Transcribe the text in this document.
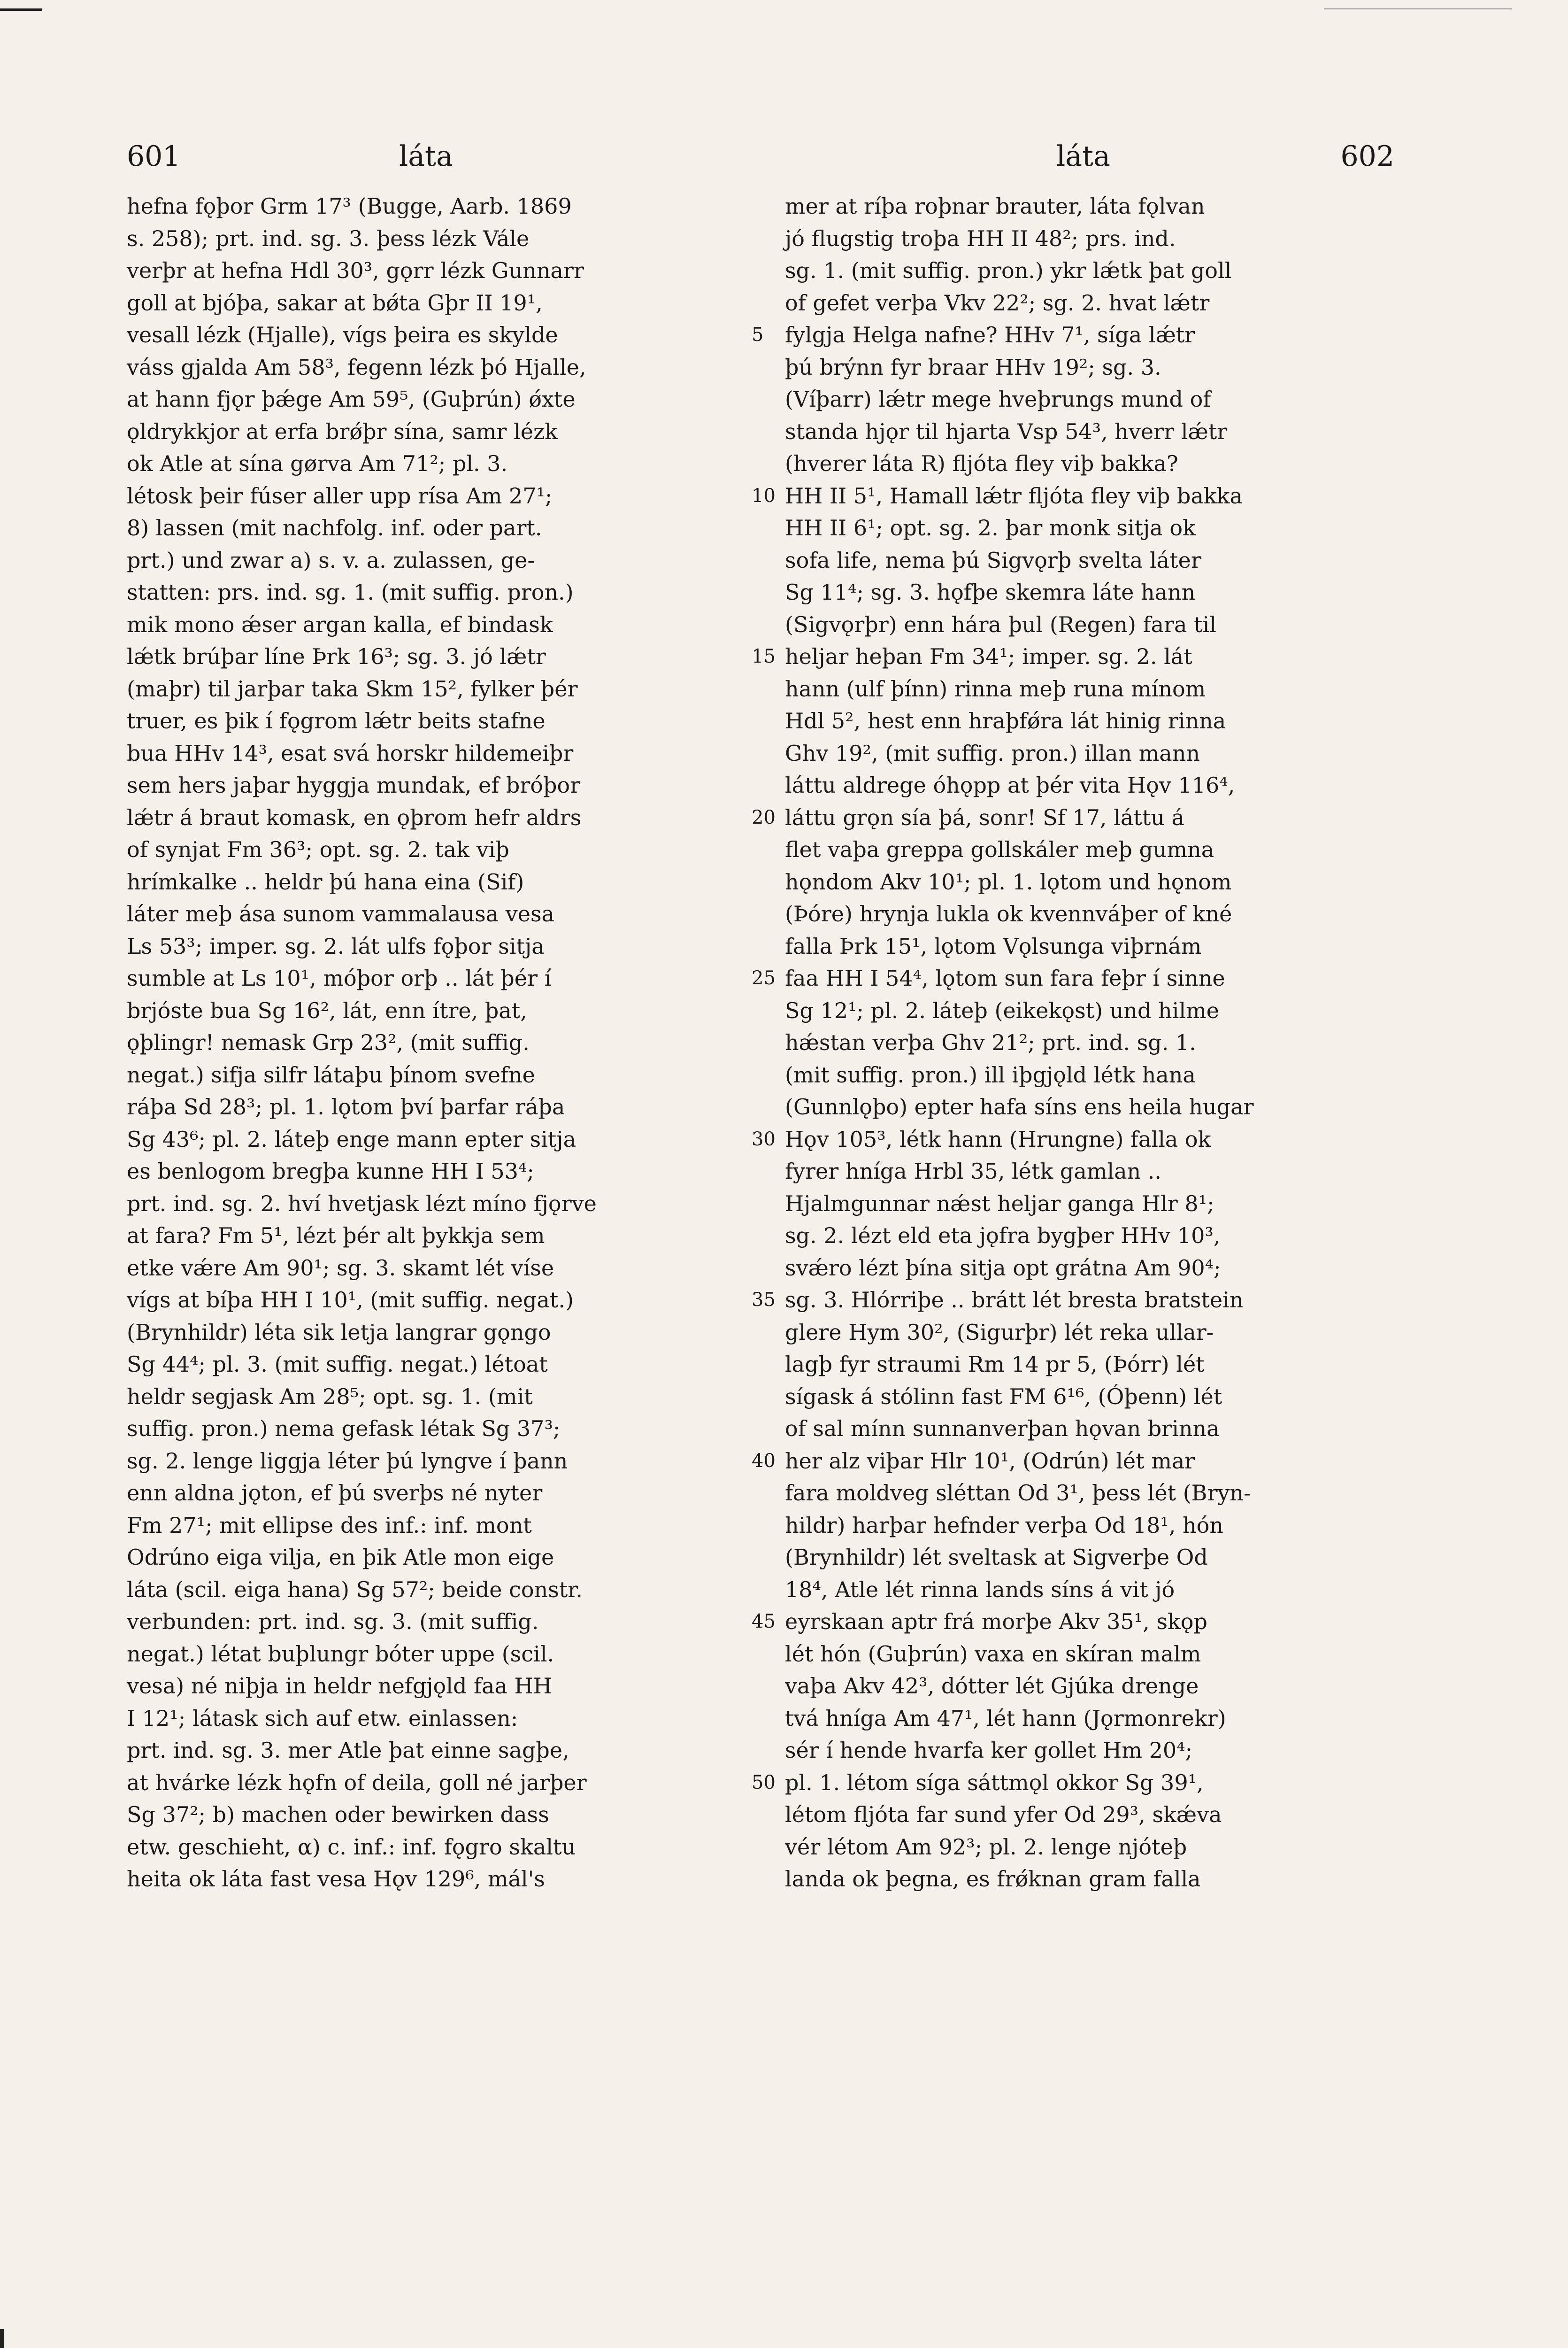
601	láta	láta	602
hefna fǫþor Grm 17³ (Bugge, Aarb. 1869
s. 258); prt. ind. sg. 3. þess lézk Vále
verþr at hefna Hdl 30³, gǫrr lézk Gunnarr
goll at bjóþa, sakar at bǿta Gþr II 19¹,
vesall lézk (Hjalle), vígs þeira es skylde
váss gjalda Am 58³, fegenn lézk þó Hjalle,
at hann fjǫr þǽge Am 59⁵, (Guþrún) ǿxte
ǫldrykkjor at erfa brǿþr sína, samr lézk
ok Atle at sína gørva Am 71²; pl. 3.
létosk þeir fúser aller upp rísa Am 27¹;
8) lassen (mit nachfolg. inf. oder part.
prt.) und zwar a) s. v. a. zulassen, ge-
statten: prs. ind. sg. 1. (mit suffig. pron.)
mik mono ǽser argan kalla, ef bindask
lǽtk brúþar líne Þrk 16³; sg. 3. jó lǽtr
(maþr) til jarþar taka Skm 15², fylker þér
truer, es þik í fǫgrom lǽtr beits stafne
bua HHv 14³, esat svá horskr hildemeiþr
sem hers jaþar hyggja mundak, ef bróþor
lǽtr á braut komask, en ǫþrom hefr aldrs
of synjat Fm 36³; opt. sg. 2. tak viþ
hrímkalke .. heldr þú hana eina (Sif)
láter meþ ása sunom vammalausa vesa
Ls 53³; imper. sg. 2. lát ulfs fǫþor sitja
sumble at Ls 10¹, móþor orþ .. lát þér í
brjóste bua Sg 16², lát, enn ítre, þat,
ǫþlingr! nemask Grp 23², (mit suffig.
negat.) sifja silfr látaþu þínom svefne
ráþa Sd 28³; pl. 1. lǫtom því þarfar ráþa
Sg 43⁶; pl. 2. láteþ enge mann epter sitja
es benlogom bregþa kunne HH I 53⁴;
prt. ind. sg. 2. hví hvetjask lézt míno fjǫrve
at fara? Fm 5¹, lézt þér alt þykkja sem
etke vǽre Am 90¹; sg. 3. skamt lét víse
vígs at bíþa HH I 10¹, (mit suffig. negat.)
(Brynhildr) léta sik letja langrar gǫngo
Sg 44⁴; pl. 3. (mit suffig. negat.) létoat
heldr segjask Am 28⁵; opt. sg. 1. (mit
suffig. pron.) nema gefask létak Sg 37³;
sg. 2. lenge liggja léter þú lyngve í þann
enn aldna jǫton, ef þú sverþs né nyter
Fm 27¹; mit ellipse des inf.: inf. mont
Odrúno eiga vilja, en þik Atle mon eige
láta (scil. eiga hana) Sg 57²; beide constr.
verbunden: prt. ind. sg. 3. (mit suffig.
negat.) létat buþlungr bóter uppe (scil.
vesa) né niþja in heldr nefgjǫld faa HH
I 12¹; látask sich auf etw. einlassen:
prt. ind. sg. 3. mer Atle þat einne sagþe,
at hvárke lézk hǫfn of deila, goll né jarþer
Sg 37²; b) machen oder bewirken dass
etw. geschieht, α) c. inf.: inf. fǫgro skaltu
heita ok láta fast vesa Hǫv 129⁶, mál's
5
10
15
20
25
30
35
40
45
50
mer at ríþa roþnar brauter, láta fǫlvan
jó flugstig troþa HH II 48²; prs. ind.
sg. 1. (mit suffig. pron.) ykr lǽtk þat goll
of gefet verþa Vkv 22²; sg. 2. hvat lǽtr
fylgja Helga nafne? HHv 7¹, síga lǽtr
þú brýnn fyr braar HHv 19²; sg. 3.
(Víþarr) lǽtr mege hveþrungs mund of
standa hjǫr til hjarta Vsp 54³, hverr lǽtr
(hverer láta R) fljóta fley viþ bakka?
HH II 5¹, Hamall lǽtr fljóta fley viþ bakka
HH II 6¹; opt. sg. 2. þar monk sitja ok
sofa life, nema þú Sigvǫrþ svelta láter
Sg 11⁴; sg. 3. hǫfþe skemra láte hann
(Sigvǫrþr) enn hára þul (Regen) fara til
heljar heþan Fm 34¹; imper. sg. 2. lát
hann (ulf þínn) rinna meþ runa mínom
Hdl 5², hest enn hraþfǿra lát hinig rinna
Ghv 19², (mit suffig. pron.) illan mann
láttu aldrege óhǫpp at þér vita Hǫv 116⁴,
láttu grǫn sía þá, sonr! Sf 17, láttu á
flet vaþa greppa gollskáler meþ gumna
hǫndom Akv 10¹; pl. 1. lǫtom und hǫnom
(Þóre) hrynja lukla ok kvennváþer of kné
falla Þrk 15¹, lǫtom Vǫlsunga viþrnám
faa HH I 54⁴, lǫtom sun fara feþr í sinne
Sg 12¹; pl. 2. láteþ (eikekǫst) und hilme
hǽstan verþa Ghv 21²; prt. ind. sg. 1.
(mit suffig. pron.) ill iþgjǫld létk hana
(Gunnlǫþo) epter hafa síns ens heila hugar
Hǫv 105³, létk hann (Hrungne) falla ok
fyrer hníga Hrbl 35, létk gamlan ..
Hjalmgunnar nǽst heljar ganga Hlr 8¹;
sg. 2. lézt eld eta jǫfra bygþer HHv 10³,
svǽro lézt þína sitja opt grátna Am 90⁴;
sg. 3. Hlórriþe .. brátt lét bresta bratstein
glere Hym 30², (Sigurþr) lét reka ullar-
lagþ fyr straumi Rm 14 pr 5, (Þórr) lét
sígask á stólinn fast FM 6¹⁶, (Óþenn) lét
of sal mínn sunnanverþan hǫvan brinna
her alz viþar Hlr 10¹, (Odrún) lét mar
fara moldveg sléttan Od 3¹, þess lét (Bryn-
hildr) harþar hefnder verþa Od 18¹, hón
(Brynhildr) lét sveltask at Sigverþe Od
18⁴, Atle lét rinna lands síns á vit jó
eyrskaan aptr frá morþe Akv 35¹, skǫp
lét hón (Guþrún) vaxa en skíran malm
vaþa Akv 42³, dótter lét Gjúka drenge
tvá hníga Am 47¹, lét hann (Jǫrmonrekr)
sér í hende hvarfa ker gollet Hm 20⁴;
pl. 1. létom síga sáttmǫl okkor Sg 39¹,
létom fljóta far sund yfer Od 29³, skǽva
vér létom Am 92³; pl. 2. lenge njóteþ
landa ok þegna, es frǿknan gram falla
